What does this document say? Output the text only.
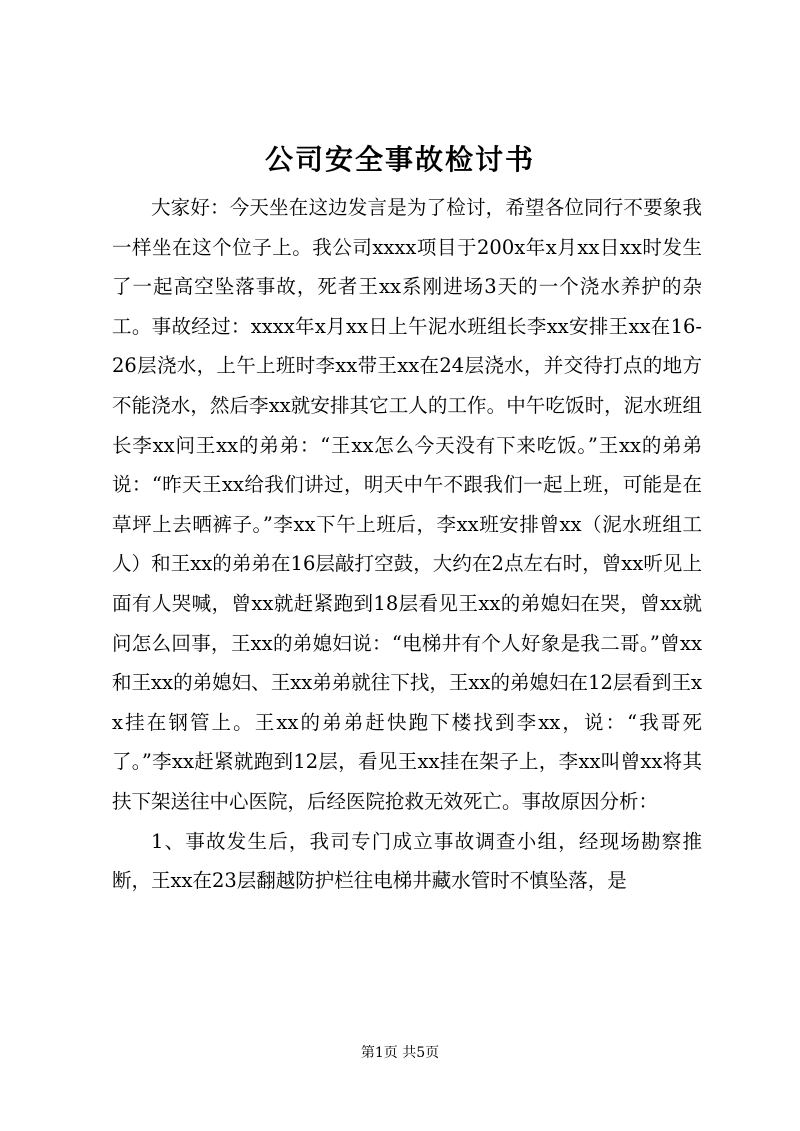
公司安全事故检讨书

大家好：今天坐在这边发言是为了检讨，希望各位同行不要象我一样坐在这个位子上。我公司xxxx项目于200x年x月xx日xx时发生了一起高空坠落事故，死者王xx系刚进场3天的一个浇水养护的杂工。事故经过：xxxx年x月xx日上午泥水班组长李xx安排王xx在16-26层浇水，上午上班时李xx带王xx在24层浇水，并交待打点的地方不能浇水，然后李xx就安排其它工人的工作。中午吃饭时，泥水班组长李xx问王xx的弟弟：“王xx怎么今天没有下来吃饭。”王xx的弟弟说：“昨天王xx给我们讲过，明天中午不跟我们一起上班，可能是在草坪上去晒裤子。”李xx下午上班后，李xx班安排曾xx（泥水班组工人）和王xx的弟弟在16层敲打空鼓，大约在2点左右时，曾xx听见上面有人哭喊，曾xx就赶紧跑到18层看见王xx的弟媳妇在哭，曾xx就问怎么回事，王xx的弟媳妇说：“电梯井有个人好象是我二哥。”曾xx和王xx的弟媳妇、王xx弟弟就往下找，王xx的弟媳妇在12层看到王xx挂在钢管上。王xx的弟弟赶快跑下楼找到李xx，说：“我哥死了。”李xx赶紧就跑到12层，看见王xx挂在架子上，李xx叫曾xx将其扶下架送往中心医院，后经医院抢救无效死亡。事故原因分析：

1、事故发生后，我司专门成立事故调查小组，经现场勘察推断，王xx在23层翻越防护栏往电梯井藏水管时不慎坠落，是

第1页 共5页
